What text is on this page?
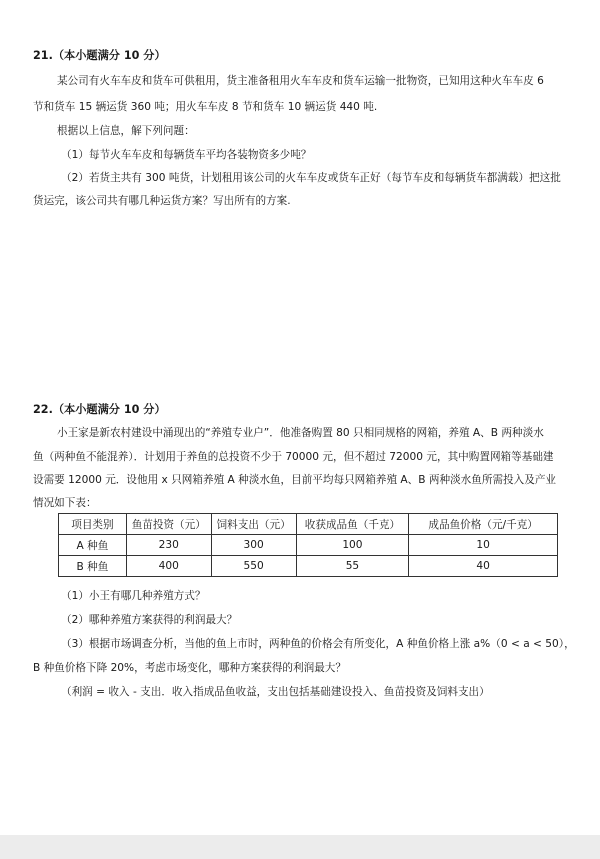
21.（本小题满分 10 分）
某公司有火车车皮和货车可供租用，货主准备租用火车车皮和货车运输一批物资，已知用这种火车车皮 6
节和货车 15 辆运货 360 吨；用火车车皮 8 节和货车 10 辆运货 440 吨.
根据以上信息，解下列问题：
（1）每节火车车皮和每辆货车平均各装物资多少吨？
（2）若货主共有 300 吨货，计划租用该公司的火车车皮或货车正好（每节车皮和每辆货车都满载）把这批
货运完，该公司共有哪几种运货方案？写出所有的方案.
22.（本小题满分 10 分）
小王家是新农村建设中涌现出的“养殖专业户”．他准备购置 80 只相同规格的网箱，养殖 A、B 两种淡水
鱼（两种鱼不能混养）．计划用于养鱼的总投资不少于 70000 元，但不超过 72000 元，其中购置网箱等基础建
设需要 12000 元．设他用 x 只网箱养殖 A 种淡水鱼，目前平均每只网箱养殖 A、B 两种淡水鱼所需投入及产业
情况如下表：
项目类别	鱼苗投资（元）	饲料支出（元）	收获成品鱼（千克）	成品鱼价格（元/千克）
A 种鱼	230	300	100	10
B 种鱼	400	550	55	40
（1）小王有哪几种养殖方式？
（2）哪种养殖方案获得的利润最大？
（3）根据市场调查分析，当他的鱼上市时，两种鱼的价格会有所变化，A 种鱼价格上涨 a%（0 < a < 50），
B 种鱼价格下降 20%，考虑市场变化，哪种方案获得的利润最大？
（利润 = 收入 - 支出．收入指成品鱼收益，支出包括基础建设投入、鱼苗投资及饲料支出）
